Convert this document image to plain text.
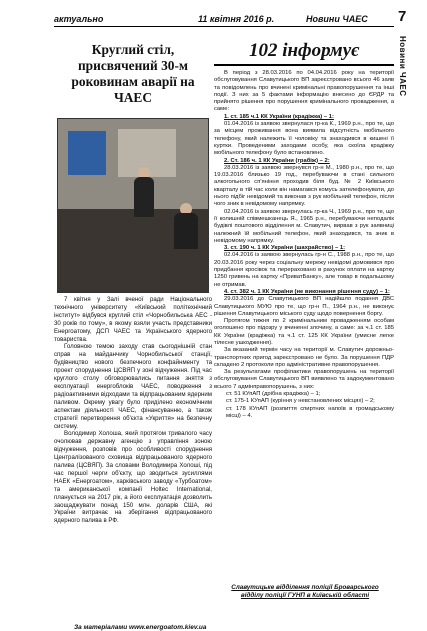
актуально	11 квітня 2016 р.	Новини ЧАЕС 7
Новини ЧАЕС
Круглий стіл, присвячений 30-м роковинам аварії на ЧАЕС

7 квітня у Залі вченої ради Національного технічного університету «Київський політехнічний інститут» відбувся круглий стіл «Чорнобильська АЕС - 30 років по тому», в якому взяли участь представники Енергоатому, ДСП ЧАЕС та Українського ядерного товариства.

Головною темою заходу став сьогоднішній стан справ на майданчику Чорнобильської станції, будівництво нового безпечного конфайнменту та проект споруднення ЦСВЯП у зоні відчуження. Під час круглого столу обговорювались питання зняття з експлуатації енергоблоків ЧАЕС, поводження з радіоактивними відходами та відпрацьованим ядерним паливом. Окрему увагу було приділено економічним аспектам діяльності ЧАЕС, фінансуванню, а також стратегії перетворення об'єкта «Укриття» на безпечну систему.

Володимир Холоша, який протягом тривалого часу очолював державну агенцію з управління зоною відчуження, розповів про особливості споруднення Централізованого сховища відпрацьованого ядерного палива (ЦСВЯП). За словами Володимира Холоші, під час першої черги об'єкту, що зводиться зусиллями НАЕК «Енергоатом», харківського заводу «Турбоатом» та американської компанії Holtec International, планується на 2017 рік, а його експлуатація дозволить заощаджувати понад 150 млн. доларів США, які України витрачає на зберігання відпрацьованого ядерного палива в РФ.

За матеріалами www.energoatom.kiev.ua
102 інформує

В період з 28.03.2016 по 04.04.2016 року на території обслуговування Славутицького ВП зареєстровано всього 46 заяв та повідомлень про вчинені кримінальні правопорушення та інші події. З них за 5 фактами інформацію внесено до ЄРДР та прийнято рішення про порушення кримінального провадження, а саме:

1. ст. 185 ч.1 КК України (крадіжка) – 1:

01.04.2016 із заявою звернулася гр-ка К., 1969 р.н., про те, що за місцем проживання вона виявила відсутність мобільного телефону, який належить її чоловіку та знаходився в кишені її куртки. Проведеними заходами особу, яка скоїла крадіжку мобільного телефону було встановлено.

2. Ст. 186 ч. 1 КК України (грабіж) – 2:

28.03.2016 із заявою звернувся гр-н М., 1980 р.н., про те, що 19.03.2016 близько 19 год., перебуваючи в стані сильного алкогольного сп'яніння проходив біля буд. № 2 Київського кварталу в тій час коли він намагався комусь зателефонувати, до нього підбіг невідомий та виконав з рук мобільний телефон, після чого зник в невідомому напрямку.

02.04.2016 із заявою звернулась гр-ка Ч., 1969 р.н., про те, що її колишній співмешканець Я., 1965 р.н., перебуваючи неподалік будівлі поштового відділення м. Славутич, вирвав з рук заявниці належний їй мобільний телефон, який знаходився, та зник в невідомому напрямку.

3. ст. 190 ч. 1 КК України (шахрайство) – 1:

02.04.2016 із заявою звернулась гр-н С., 1988 р.н., про те, що 20.03.2016 року через соціальну мережу невідомі домовився про придбання кросівок та перераховано в рахунок оплати на картку 1250 гривень на картку «ПриватБанку», але товар в подальшому не отримав.

4. ст. 382 ч. 1 КК України (не виконання рішення суду) – 1:

29.03.2016 до Славутицького ВП надійшло подання ДВС Славутицького МУЮ про те, що гр-н П., 1964 р.н., не виконує рішення Славутицького міського суду щодо повернення боргу.

Протягом тижня по 2 кримінальним провадженням особам оголошено про підозру у вчиненні злочину, а саме: за ч.1 ст. 185 КК України (крадіжка) та ч.1 ст. 125 КК України (умисне легке тілесне ушкодження).

За вказаний термін часу на території м. Славутич дорожньо-транспортних пригод зареєстровано не було. За порушення ПДР складено 2 протоколи про адміністративне правопорушення.

За результатами профілактики правопорушень на території обслуговування Славутицького ВП виявлено та задокументовано всього 7 адмінправопорушень, з них:

ст. 51 КУпАП (дрібна крадіжка) – 1;

ст. 175-1 КУпАП (куріння у невстановлених місцях) – 2;

ст. 178 КУпАП (розпиття спиртних напоїв в громадському місці) – 4.

Славутицьке відділення поліції Броварського відділу поліції ГУНП в Київській області
